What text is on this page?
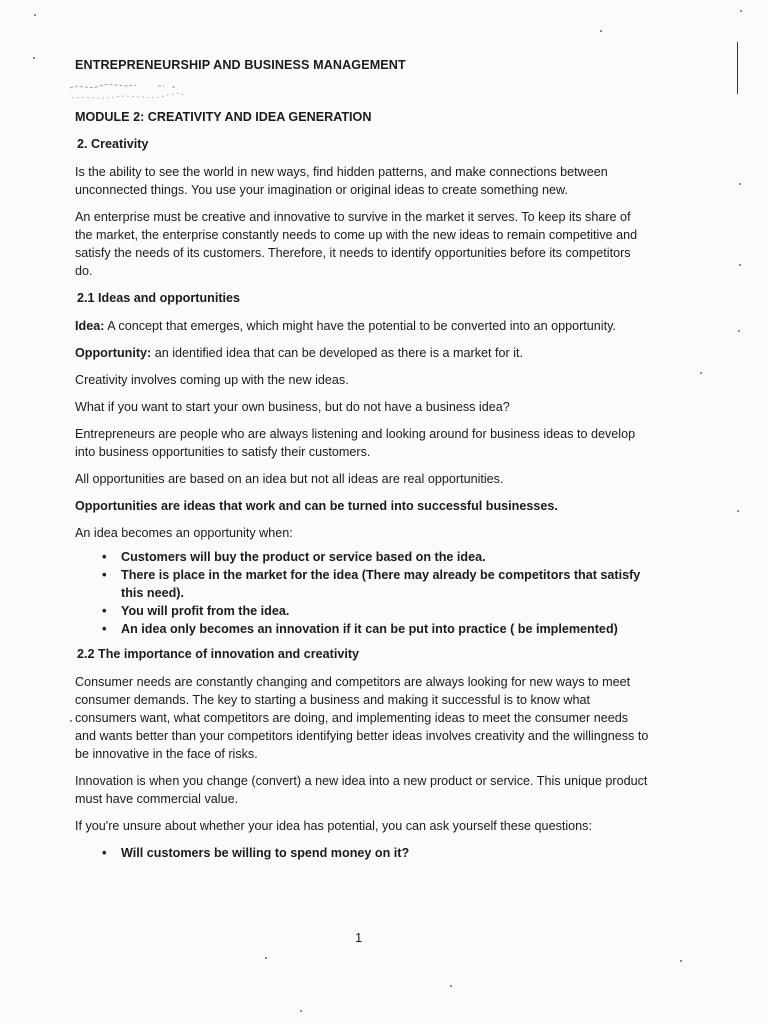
ENTREPRENEURSHIP AND BUSINESS MANAGEMENT
MODULE 2: CREATIVITY AND IDEA GENERATION
2. Creativity

Is the ability to see the world in new ways, find hidden patterns, and make connections between unconnected things. You use your imagination or original ideas to create something new.

An enterprise must be creative and innovative to survive in the market it serves. To keep its share of the market, the enterprise constantly needs to come up with the new ideas to remain competitive and satisfy the needs of its customers. Therefore, it needs to identify opportunities before its competitors do.

2.1 Ideas and opportunities

Idea: A concept that emerges, which might have the potential to be converted into an opportunity.

Opportunity: an identified idea that can be developed as there is a market for it.

Creativity involves coming up with the new ideas.

What if you want to start your own business, but do not have a business idea?

Entrepreneurs are people who are always listening and looking around for business ideas to develop into business opportunities to satisfy their customers.

All opportunities are based on an idea but not all ideas are real opportunities.

Opportunities are ideas that work and can be turned into successful businesses.

An idea becomes an opportunity when:

• Customers will buy the product or service based on the idea.
• There is place in the market for the idea (There may already be competitors that satisfy this need).
• You will profit from the idea.
• An idea only becomes an innovation if it can be put into practice ( be implemented)
2.2 The importance of innovation and creativity

Consumer needs are constantly changing and competitors are always looking for new ways to meet consumer demands. The key to starting a business and making it successful is to know what consumers want, what competitors are doing, and implementing ideas to meet the consumer needs and wants better than your competitors identifying better ideas involves creativity and the willingness to be innovative in the face of risks.

Innovation is when you change (convert) a new idea into a new product or service. This unique product must have commercial value.

If you're unsure about whether your idea has potential, you can ask yourself these questions:

• Will customers be willing to spend money on it?
1
